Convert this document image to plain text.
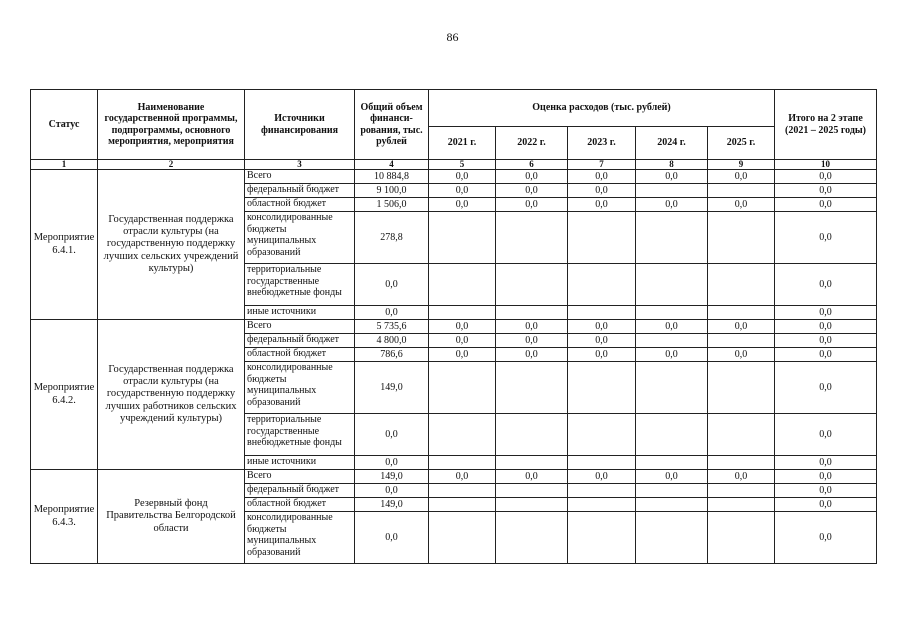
86
Статус	Наименование государственной программы, подпрограммы, основного мероприятия, мероприятия	Источники финансирования	Общий объем финанси-рования, тыс. рублей	Оценка расходов (тыс. рублей)					Итого на 2 этапе (2021 – 2025 годы)
				2021 г.	2022 г.	2023 г.	2024 г.	2025 г.	
1	2	3	4	5	6	7	8	9	10
Мероприятие 6.4.1.	Государственная поддержка отрасли культуры (на государственную поддержку лучших сельских учреждений культуры)	Всего	10 884,8	0,0	0,0	0,0	0,0	0,0	0,0
		федеральный бюджет	9 100,0	0,0	0,0	0,0			0,0
		областной бюджет	1 506,0	0,0	0,0	0,0	0,0	0,0	0,0
		консолидированные бюджеты муниципальных образований	278,8						0,0
		территориальные государственные внебюджетные фонды	0,0						0,0
		иные источники	0,0						0,0
Мероприятие 6.4.2.	Государственная поддержка отрасли культуры (на государственную поддержку лучших работников сельских учреждений культуры)	Всего	5 735,6	0,0	0,0	0,0	0,0	0,0	0,0
		федеральный бюджет	4 800,0	0,0	0,0	0,0			0,0
		областной бюджет	786,6	0,0	0,0	0,0	0,0	0,0	0,0
		консолидированные бюджеты муниципальных образований	149,0						0,0
		территориальные государственные внебюджетные фонды	0,0						0,0
		иные источники	0,0						0,0
Мероприятие 6.4.3.	Резервный фонд Правительства Белгородской области	Всего	149,0	0,0	0,0	0,0	0,0	0,0	0,0
		федеральный бюджет	0,0						0,0
		областной бюджет	149,0						0,0
		консолидированные бюджеты муниципальных образований	0,0						0,0
